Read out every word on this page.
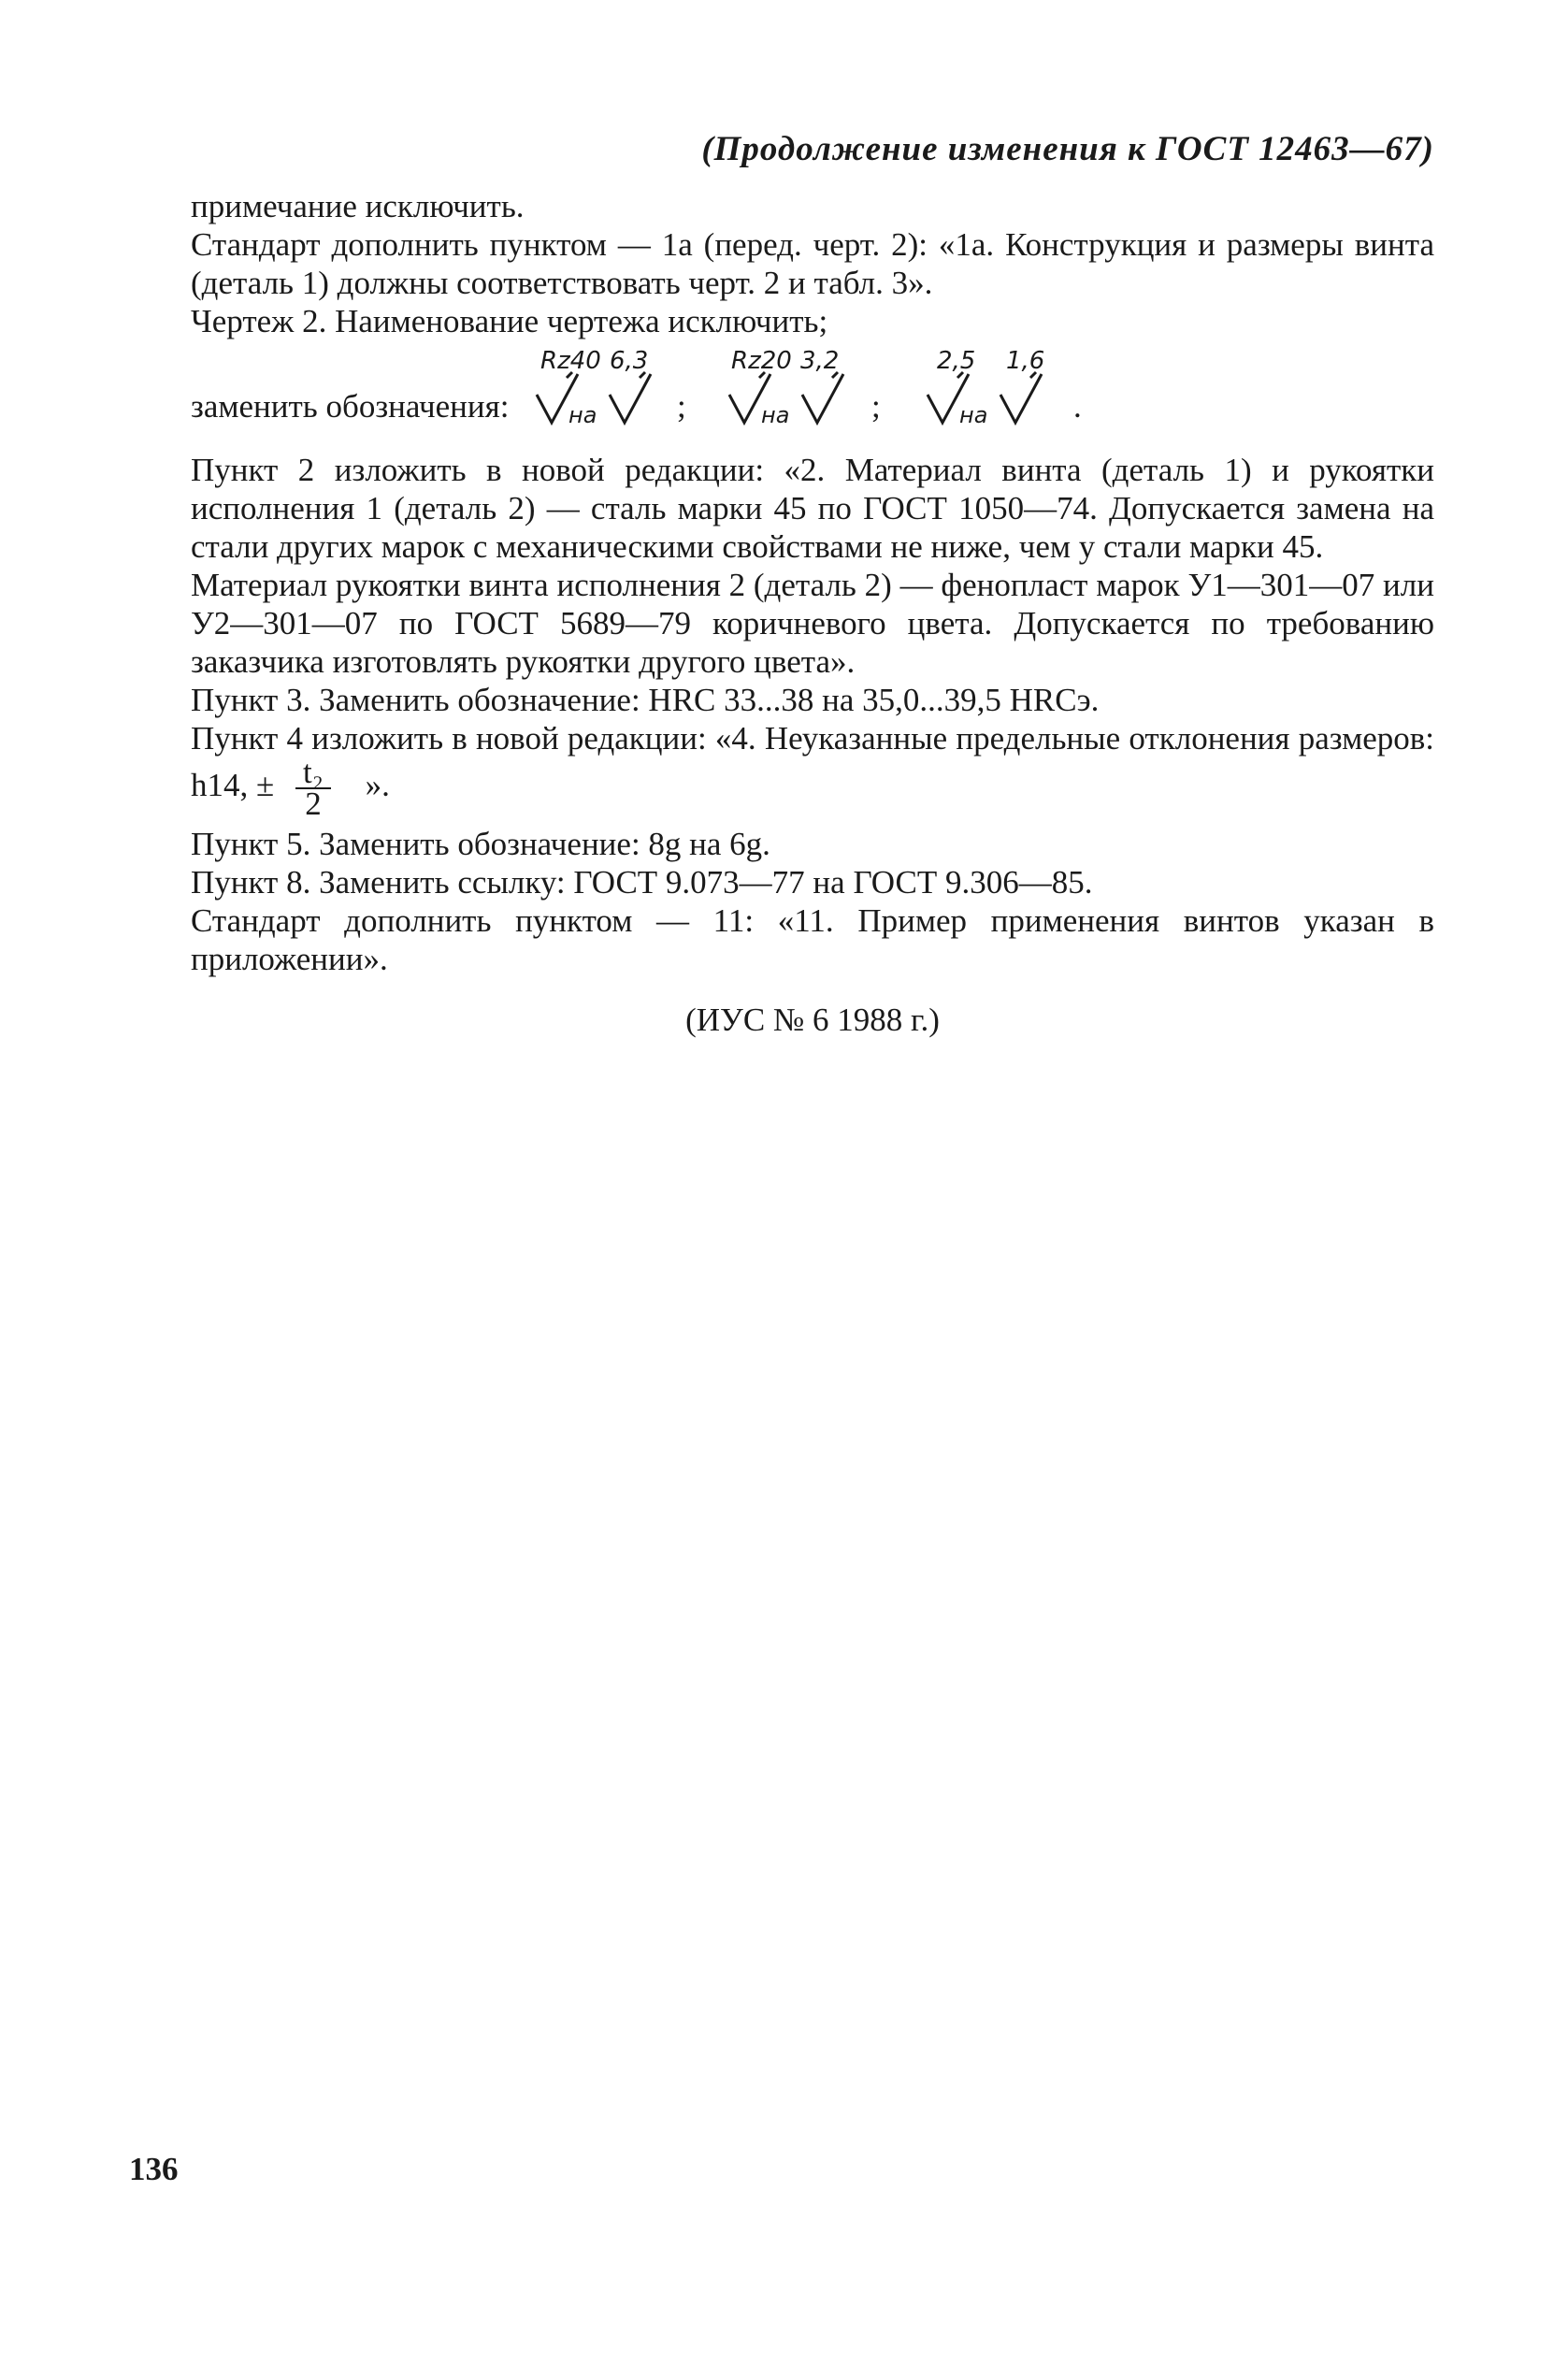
(Продолжение изменения к ГОСТ 12463—67)

примечание исключить.

Стандарт дополнить пунктом — 1а (перед. черт. 2): «1а. Конструкция и размеры винта (деталь 1) должны соответствовать черт. 2 и табл. 3».

Чертеж 2. Наименование чертежа исключить;

заменить обозначения:
Rz40 6,3
на ;
Rz20 3,2
на	;
2,5 1,6
на	.

Пункт 2 изложить в новой редакции: «2. Материал винта (деталь 1) и рукоятки исполнения 1 (деталь 2) — сталь марки 45 по ГОСТ 1050—74. Допускается замена на стали других марок с механическими свойствами не ниже, чем у стали марки 45.

Материал рукоятки винта исполнения 2 (деталь 2) — фенопласт марок У1—301—07 или У2—301—07 по ГОСТ 5689—79 коричневого цвета. Допускается по требованию заказчика изготовлять рукоятки другого цвета».

Пункт 3. Заменить обозначение: HRC 33...38 на 35,0...39,5 HRCэ.

Пункт 4 изложить в новой редакции: «4. Неуказанные предельные отклонения размеров: h14, ± $\frac{\text{t₂}}{2}$ ».

Пункт 5. Заменить обозначение: 8g на 6g.

Пункт 8. Заменить ссылку: ГОСТ 9.073—77 на ГОСТ 9.306—85.

Стандарт дополнить пунктом — 11: «11. Пример применения винтов указан в приложении».

(ИУС № 6 1988 г.)

136
